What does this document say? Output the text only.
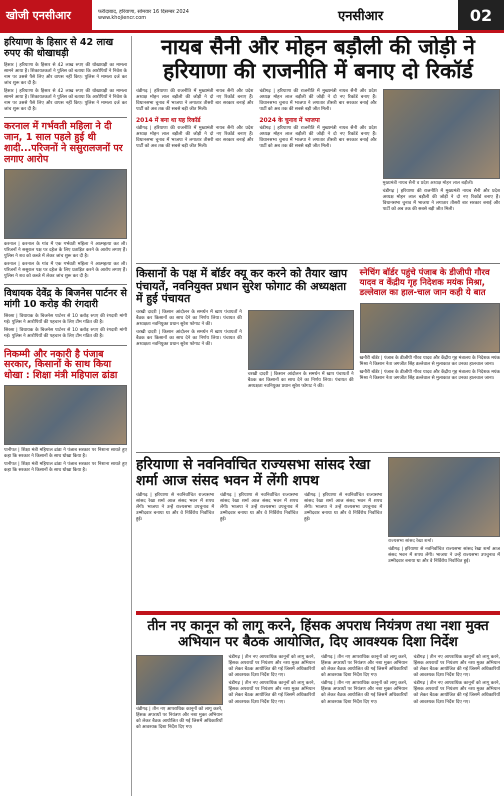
खोजी एनसीआर	फरीदाबाद, हरियाणा, सोमवार 16 दिसम्बर 2024
www.khojiencr.com	एनसीआर	02
हरियाणा के हिसार से 42 लाख रुपए की धोखाधड़ी
हिसार | हरियाणा के हिसार से 42 लाख रुपए की धोखाधड़ी का मामला सामने आया है। शिकायतकर्ता ने पुलिस को बताया कि आरोपियों ने निवेश के नाम पर उससे पैसे लिए और वापस नहीं किए। पुलिस ने मामला दर्ज कर जांच शुरू कर दी है।
हिसार | हरियाणा के हिसार से 42 लाख रुपए की धोखाधड़ी का मामला सामने आया है। शिकायतकर्ता ने पुलिस को बताया कि आरोपियों ने निवेश के नाम पर उससे पैसे लिए और वापस नहीं किए। पुलिस ने मामला दर्ज कर जांच शुरू कर दी है।
करनाल में गर्भवती महिला ने दी जान, 1 साल पहले हुई थी शादी...परिजनों ने ससुरालजनों पर लगाए आरोप
करनाल | करनाल के गांव में एक गर्भवती महिला ने आत्महत्या कर ली। परिजनों ने ससुराल पक्ष पर दहेज के लिए प्रताड़ित करने के आरोप लगाए हैं। पुलिस ने शव को कब्जे में लेकर जांच शुरू कर दी है।
करनाल | करनाल के गांव में एक गर्भवती महिला ने आत्महत्या कर ली। परिजनों ने ससुराल पक्ष पर दहेज के लिए प्रताड़ित करने के आरोप लगाए हैं। पुलिस ने शव को कब्जे में लेकर जांच शुरू कर दी है।
विधायक देवेंद्र के बिजनेस पार्टनर से मांगी 10 करोड़ की रंगदारी
सिरसा | विधायक के बिजनेस पार्टनर से 10 करोड़ रुपए की रंगदारी मांगी गई। पुलिस ने आरोपियों की पहचान के लिए टीम गठित की है।
सिरसा | विधायक के बिजनेस पार्टनर से 10 करोड़ रुपए की रंगदारी मांगी गई। पुलिस ने आरोपियों की पहचान के लिए टीम गठित की है।
निकम्मी और नकारी है पंजाब सरकार, किसानों के साथ किया धोखा : शिक्षा मंत्री महिपाल ढांडा
पानीपत | शिक्षा मंत्री महिपाल ढांडा ने पंजाब सरकार पर निशाना साधते हुए कहा कि सरकार ने किसानों के साथ धोखा किया है।
पानीपत | शिक्षा मंत्री महिपाल ढांडा ने पंजाब सरकार पर निशाना साधते हुए कहा कि सरकार ने किसानों के साथ धोखा किया है।
नायब सैनी और मोहन बड़ौली की जोड़ी ने हरियाणा की राजनीति में बनाए दो रिकॉर्ड
चंडीगढ़ | हरियाणा की राजनीति में मुख्यमंत्री नायब सैनी और प्रदेश अध्यक्ष मोहन लाल बड़ौली की जोड़ी ने दो नए रिकॉर्ड बनाए हैं। विधानसभा चुनाव में भाजपा ने लगातार तीसरी बार सरकार बनाई और पार्टी को अब तक की सबसे बड़ी जीत मिली।
2014 में बना था यह रिकॉर्ड
चंडीगढ़ | हरियाणा की राजनीति में मुख्यमंत्री नायब सैनी और प्रदेश अध्यक्ष मोहन लाल बड़ौली की जोड़ी ने दो नए रिकॉर्ड बनाए हैं। विधानसभा चुनाव में भाजपा ने लगातार तीसरी बार सरकार बनाई और पार्टी को अब तक की सबसे बड़ी जीत मिली।
चंडीगढ़ | हरियाणा की राजनीति में मुख्यमंत्री नायब सैनी और प्रदेश अध्यक्ष मोहन लाल बड़ौली की जोड़ी ने दो नए रिकॉर्ड बनाए हैं। विधानसभा चुनाव में भाजपा ने लगातार तीसरी बार सरकार बनाई और पार्टी को अब तक की सबसे बड़ी जीत मिली।
2024 के चुनाव में भाजपा
चंडीगढ़ | हरियाणा की राजनीति में मुख्यमंत्री नायब सैनी और प्रदेश अध्यक्ष मोहन लाल बड़ौली की जोड़ी ने दो नए रिकॉर्ड बनाए हैं। विधानसभा चुनाव में भाजपा ने लगातार तीसरी बार सरकार बनाई और पार्टी को अब तक की सबसे बड़ी जीत मिली।
मुख्यमंत्री नायब सैनी व प्रदेश अध्यक्ष मोहन लाल बड़ौली।
चंडीगढ़ | हरियाणा की राजनीति में मुख्यमंत्री नायब सैनी और प्रदेश अध्यक्ष मोहन लाल बड़ौली की जोड़ी ने दो नए रिकॉर्ड बनाए हैं। विधानसभा चुनाव में भाजपा ने लगातार तीसरी बार सरकार बनाई और पार्टी को अब तक की सबसे बड़ी जीत मिली।
किसानों के पक्ष में बॉर्डर क्यू कर करने को तैयार खाप पंचायतें, नवनियुक्त प्रधान सुरेश फोगाट की अध्यक्षता में हुई पंचायत
चरखी दादरी | किसान आंदोलन के समर्थन में खाप पंचायतों ने बैठक कर किसानों का साथ देने का निर्णय लिया। पंचायत की अध्यक्षता नवनियुक्त प्रधान सुरेश फोगाट ने की।
चरखी दादरी | किसान आंदोलन के समर्थन में खाप पंचायतों ने बैठक कर किसानों का साथ देने का निर्णय लिया। पंचायत की अध्यक्षता नवनियुक्त प्रधान सुरेश फोगाट ने की।
चरखी दादरी | किसान आंदोलन के समर्थन में खाप पंचायतों ने बैठक कर किसानों का साथ देने का निर्णय लिया। पंचायत की अध्यक्षता नवनियुक्त प्रधान सुरेश फोगाट ने की।
स्नेचिंग बॉर्डर पहुंचे पंजाब के डीजीपी गौरव यादव व केंद्रीय गृह निदेशक मयंक मिश्रा, डल्लेवाल का हाल-चाल जान कही ये बात
खनौरी बॉर्डर | पंजाब के डीजीपी गौरव यादव और केंद्रीय गृह मंत्रालय के निदेशक मयंक मिश्रा ने किसान नेता जगजीत सिंह डल्लेवाल से मुलाकात कर उनका हालचाल जाना।
खनौरी बॉर्डर | पंजाब के डीजीपी गौरव यादव और केंद्रीय गृह मंत्रालय के निदेशक मयंक मिश्रा ने किसान नेता जगजीत सिंह डल्लेवाल से मुलाकात कर उनका हालचाल जाना।
हरियाणा से नवनिर्वाचित राज्यसभा सांसद रेखा शर्मा आज संसद भवन में लेंगी शपथ
चंडीगढ़ | हरियाणा से नवनिर्वाचित राज्यसभा सांसद रेखा शर्मा आज संसद भवन में शपथ लेंगी। भाजपा ने उन्हें राज्यसभा उपचुनाव में उम्मीदवार बनाया था और वे निर्विरोध निर्वाचित हुई।
चंडीगढ़ | हरियाणा से नवनिर्वाचित राज्यसभा सांसद रेखा शर्मा आज संसद भवन में शपथ लेंगी। भाजपा ने उन्हें राज्यसभा उपचुनाव में उम्मीदवार बनाया था और वे निर्विरोध निर्वाचित हुई।
चंडीगढ़ | हरियाणा से नवनिर्वाचित राज्यसभा सांसद रेखा शर्मा आज संसद भवन में शपथ लेंगी। भाजपा ने उन्हें राज्यसभा उपचुनाव में उम्मीदवार बनाया था और वे निर्विरोध निर्वाचित हुई।
राज्यसभा सांसद रेखा शर्मा।
चंडीगढ़ | हरियाणा से नवनिर्वाचित राज्यसभा सांसद रेखा शर्मा आज संसद भवन में शपथ लेंगी। भाजपा ने उन्हें राज्यसभा उपचुनाव में उम्मीदवार बनाया था और वे निर्विरोध निर्वाचित हुई।
तीन नए कानून को लागू करने, हिंसक अपराध नियंत्रण तथा नशा मुक्त अभियान पर बैठक आयोजित, दिए आवश्यक दिशा निर्देश
चंडीगढ़ | तीन नए आपराधिक कानूनों को लागू करने, हिंसक अपराधों पर नियंत्रण और नशा मुक्त अभियान को लेकर बैठक आयोजित की गई जिसमें अधिकारियों को आवश्यक दिशा निर्देश दिए गए।
चंडीगढ़ | तीन नए आपराधिक कानूनों को लागू करने, हिंसक अपराधों पर नियंत्रण और नशा मुक्त अभियान को लेकर बैठक आयोजित की गई जिसमें अधिकारियों को आवश्यक दिशा निर्देश दिए गए।
चंडीगढ़ | तीन नए आपराधिक कानूनों को लागू करने, हिंसक अपराधों पर नियंत्रण और नशा मुक्त अभियान को लेकर बैठक आयोजित की गई जिसमें अधिकारियों को आवश्यक दिशा निर्देश दिए गए।
चंडीगढ़ | तीन नए आपराधिक कानूनों को लागू करने, हिंसक अपराधों पर नियंत्रण और नशा मुक्त अभियान को लेकर बैठक आयोजित की गई जिसमें अधिकारियों को आवश्यक दिशा निर्देश दिए गए।
चंडीगढ़ | तीन नए आपराधिक कानूनों को लागू करने, हिंसक अपराधों पर नियंत्रण और नशा मुक्त अभियान को लेकर बैठक आयोजित की गई जिसमें अधिकारियों को आवश्यक दिशा निर्देश दिए गए।
चंडीगढ़ | तीन नए आपराधिक कानूनों को लागू करने, हिंसक अपराधों पर नियंत्रण और नशा मुक्त अभियान को लेकर बैठक आयोजित की गई जिसमें अधिकारियों को आवश्यक दिशा निर्देश दिए गए।
चंडीगढ़ | तीन नए आपराधिक कानूनों को लागू करने, हिंसक अपराधों पर नियंत्रण और नशा मुक्त अभियान को लेकर बैठक आयोजित की गई जिसमें अधिकारियों को आवश्यक दिशा निर्देश दिए गए।
